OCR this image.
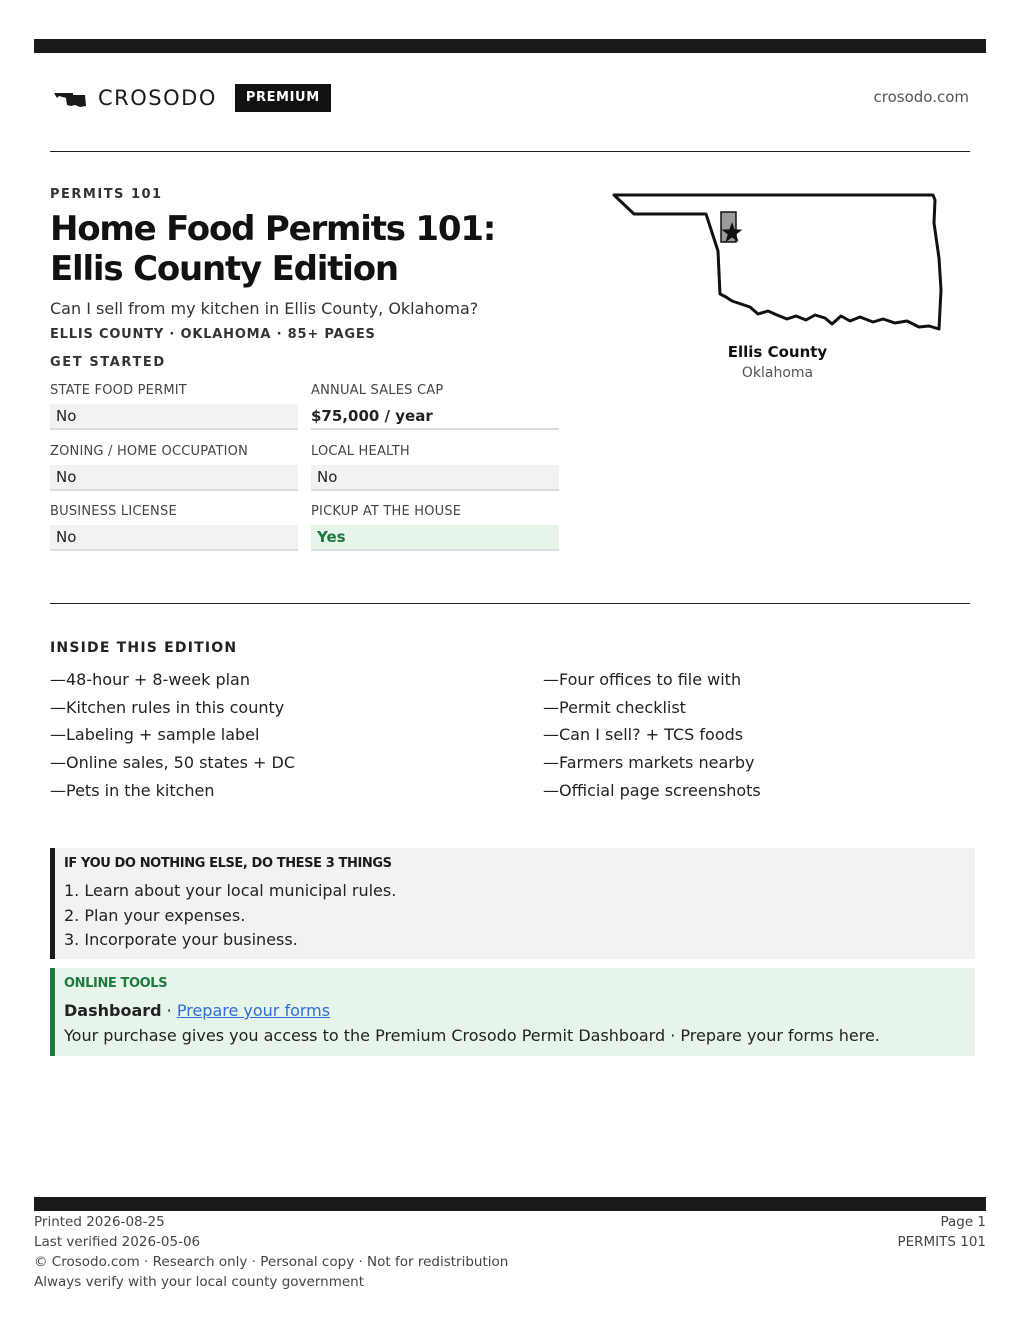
CROSODO	PREMIUM	crosodo.com
PERMITS 101
Home Food Permits 101: Ellis County Edition
Can I sell from my kitchen in Ellis County, Oklahoma?
ELLIS COUNTY · OKLAHOMA · 85+ PAGES
GET STARTED
STATE FOOD PERMIT
No
ANNUAL SALES CAP
$75,000 / year
ZONING / HOME OCCUPATION
No
LOCAL HEALTH
No
BUSINESS LICENSE
No
PICKUP AT THE HOUSE
Yes
Ellis County
Oklahoma
INSIDE THIS EDITION
—48-hour + 8-week plan
—Kitchen rules in this county
—Labeling + sample label
—Online sales, 50 states + DC
—Pets in the kitchen
—Four offices to file with
—Permit checklist
—Can I sell? + TCS foods
—Farmers markets nearby
—Official page screenshots
IF YOU DO NOTHING ELSE, DO THESE 3 THINGS
1. Learn about your local municipal rules.
2. Plan your expenses.
3. Incorporate your business.
ONLINE TOOLS
Dashboard · Prepare your forms
Your purchase gives you access to the Premium Crosodo Permit Dashboard · Prepare your forms here.
Printed 2026-08-25
Last verified 2026-05-06
© Crosodo.com · Research only · Personal copy · Not for redistribution
Always verify with your local county government
Page 1
PERMITS 101
